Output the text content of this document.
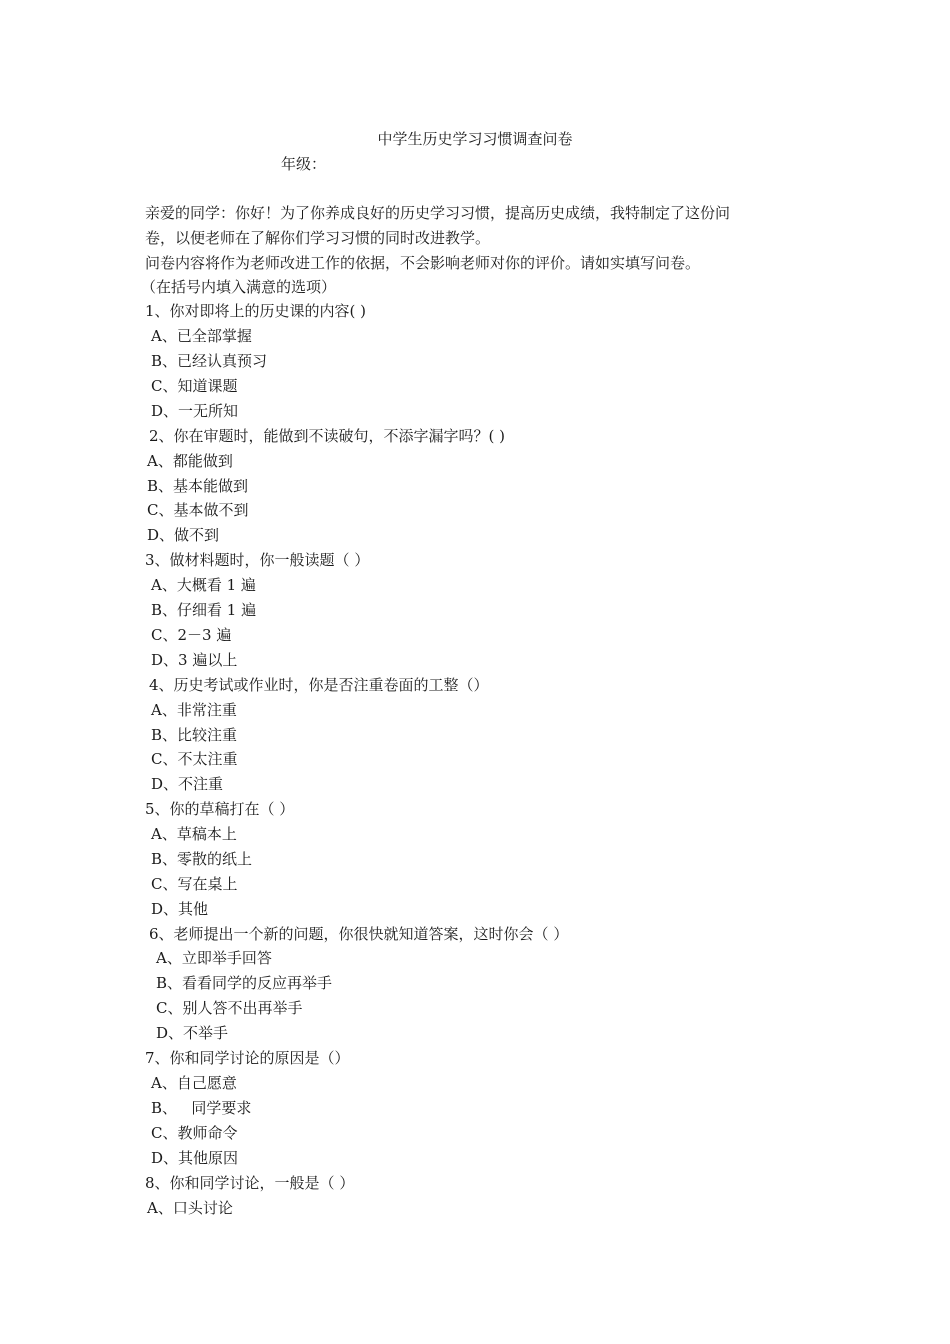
中学生历史学习习惯调查问卷
年级：
亲爱的同学：你好！为了你养成良好的历史学习习惯，提高历史成绩，我特制定了这份问
卷，以便老师在了解你们学习习惯的同时改进教学。
问卷内容将作为老师改进工作的依据，不会影响老师对你的评价。请如实填写问卷。
（在括号内填入满意的选项）
1、你对即将上的历史课的内容( )
A、已全部掌握
B、已经认真预习
C、知道课题
D、一无所知
2、你在审题时，能做到不读破句，不添字漏字吗？( )
A、都能做到
B、基本能做到
C、基本做不到
D、做不到
3、做材料题时，你一般读题（ ）
A、大概看 1 遍
B、仔细看 1 遍
C、2－3 遍
D、3 遍以上
4、历史考试或作业时，你是否注重卷面的工整（）
A、非常注重
B、比较注重
C、不太注重
D、不注重
5、你的草稿打在（ ）
A、草稿本上
B、零散的纸上
C、写在桌上
D、其他
6、老师提出一个新的问题，你很快就知道答案，这时你会（ ）
A、立即举手回答
B、看看同学的反应再举手
C、别人答不出再举手
D、不举手
7、你和同学讨论的原因是（）
A、自己愿意
B、   同学要求
C、教师命令
D、其他原因
8、你和同学讨论，一般是（ ）
A、口头讨论
